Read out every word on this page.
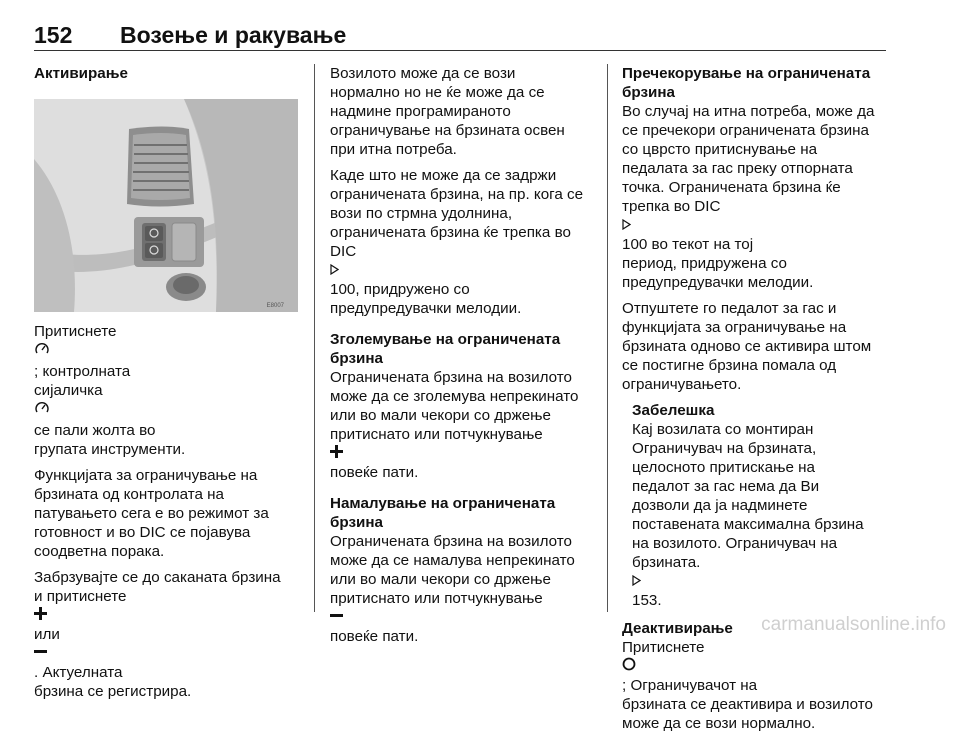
152 Возење и ракување
Активирање
E8007

Притиснете
; контролната
сијаличка
се пали жолта во
групата инструменти.

Функцијата за ограничување на
брзината од контролата на
патувањето сега е во режимот за
готовност и во DIC се појавува
соодветна порака.

Забрзувајте се до саканата брзина
и притиснете
или
. Актуелната
брзина се регистрира.

Возилото може да се вози
нормално но не ќе може да се
надмине програмираното
ограничување на брзината освен
при итна потреба.

Каде што не може да се задржи
ограничената брзина, на пр. кога се
вози по стрмна удолнина,
ограничената брзина ќе трепка во
DIC
100, придружено со
предупредувачки мелодии.

Зголемување на ограничената
брзина

Ограничената брзина на возилото
може да се зголемува непрекинато
или во мали чекори со држење
притиснато или потчукнување
повеќе пати.

Намалување на ограничената
брзина

Ограничената брзина на возилото
може да се намалува непрекинато
или во мали чекори со држење
притиснато или потчукнување
повеќе пати.

Пречекорување на ограничената
брзина

Во случај на итна потреба, може да
се пречекори ограничената брзина
со цврсто притиснување на
педалата за гас преку отпорната
точка. Ограничената брзина ќе
трепка во DIC
100 во текот на тој
период, придружена со
предупредувачки мелодии.

Отпуштете го педалот за гас и
функцијата за ограничување на
брзината одново се активира штом
се постигне брзина помала од
ограничувањето.

Забелешка
Кај возилата со монтиран
Ограничувач на брзината,
целосното притискање на
педалот за гас нема да Ви
дозволи да ја надминете
поставената максимална брзина
на возилото. Ограничувач на
брзината.
153.
Деактивирање

Притиснете
; Ограничувачот на
брзината се деактивира и возилото
може да се вози нормално.

carmanualsonline.info
